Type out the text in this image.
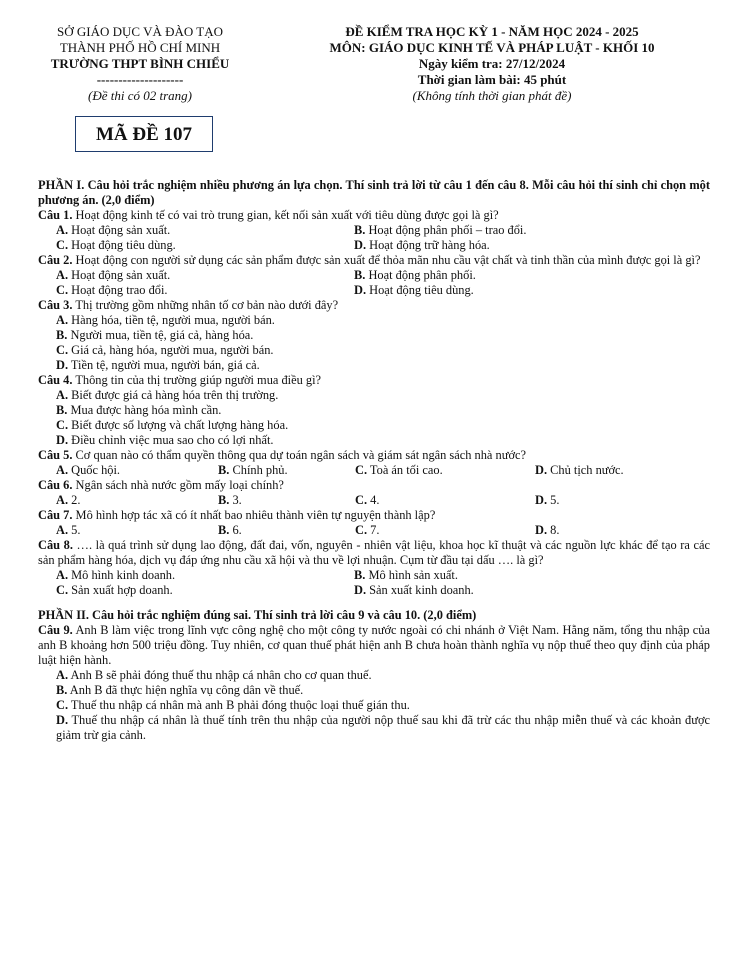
SỞ GIÁO DỤC VÀ ĐÀO TẠO
THÀNH PHỐ HỒ CHÍ MINH
TRƯỜNG THPT BÌNH CHIỂU
--------------------
(Đề thi có 02 trang)
ĐỀ KIỂM TRA HỌC KỲ 1 - NĂM HỌC 2024 - 2025
MÔN: GIÁO DỤC KINH TẾ VÀ PHÁP LUẬT - KHỐI 10
Ngày kiểm tra: 27/12/2024
Thời gian làm bài: 45 phút
(Không tính thời gian phát đề)
MÃ ĐỀ 107
PHẦN I. Câu hỏi trắc nghiệm nhiều phương án lựa chọn. Thí sinh trả lời từ câu 1 đến câu 8. Mỗi câu hỏi thí sinh chỉ chọn một phương án. (2,0 điểm)
Câu 1. Hoạt động kinh tế có vai trò trung gian, kết nối sản xuất với tiêu dùng được gọi là gì?
A. Hoạt động sản xuất.	B. Hoạt động phân phối – trao đổi.
C. Hoạt động tiêu dùng.	D. Hoạt động trữ hàng hóa.
Câu 2. Hoạt động con người sử dụng các sản phẩm được sản xuất để thỏa mãn nhu cầu vật chất và tinh thần của mình được gọi là gì?
A. Hoạt động sản xuất.	B. Hoạt động phân phối.
C. Hoạt động trao đổi.	D. Hoạt động tiêu dùng.
Câu 3. Thị trường gồm những nhân tố cơ bản nào dưới đây?
A. Hàng hóa, tiền tệ, người mua, người bán.
B. Người mua, tiền tệ, giá cả, hàng hóa.
C. Giá cả, hàng hóa, người mua, người bán.
D. Tiền tệ, người mua, người bán, giá cả.
Câu 4. Thông tin của thị trường giúp người mua điều gì?
A. Biết được giá cả hàng hóa trên thị trường.
B. Mua được hàng hóa mình cần.
C. Biết được số lượng và chất lượng hàng hóa.
D. Điều chỉnh việc mua sao cho có lợi nhất.
Câu 5. Cơ quan nào có thẩm quyền thông qua dự toán ngân sách và giám sát ngân sách nhà nước?
A. Quốc hội.	B. Chính phủ.	C. Toà án tối cao.	D. Chủ tịch nước.
Câu 6. Ngân sách nhà nước gồm mấy loại chính?
A. 2.	B. 3.	C. 4.	D. 5.
Câu 7. Mô hình hợp tác xã có ít nhất bao nhiêu thành viên tự nguyện thành lập?
A. 5.	B. 6.	C. 7.	D. 8.
Câu 8. …. là quá trình sử dụng lao động, đất đai, vốn, nguyên - nhiên vật liệu, khoa học kĩ thuật và các nguồn lực khác để tạo ra các sản phẩm hàng hóa, dịch vụ đáp ứng nhu cầu xã hội và thu về lợi nhuận. Cụm từ đầu tại dấu …. là gì?
A. Mô hình kinh doanh.	B. Mô hình sản xuất.
C. Sản xuất hợp doanh.	D. Sản xuất kinh doanh.
PHẦN II. Câu hỏi trắc nghiệm đúng sai. Thí sinh trả lời câu 9 và câu 10. (2,0 điểm)
Câu 9. Anh B làm việc trong lĩnh vực công nghệ cho một công ty nước ngoài có chi nhánh ở Việt Nam. Hằng năm, tổng thu nhập của anh B khoảng hơn 500 triệu đồng. Tuy nhiên, cơ quan thuế phát hiện anh B chưa hoàn thành nghĩa vụ nộp thuế theo quy định của pháp luật hiện hành.
A. Anh B sẽ phải đóng thuế thu nhập cá nhân cho cơ quan thuế.
B. Anh B đã thực hiện nghĩa vụ công dân về thuế.
C. Thuế thu nhập cá nhân mà anh B phải đóng thuộc loại thuế gián thu.
D. Thuế thu nhập cá nhân là thuế tính trên thu nhập của người nộp thuế sau khi đã trừ các thu nhập miễn thuế và các khoản được giảm trừ gia cảnh.
